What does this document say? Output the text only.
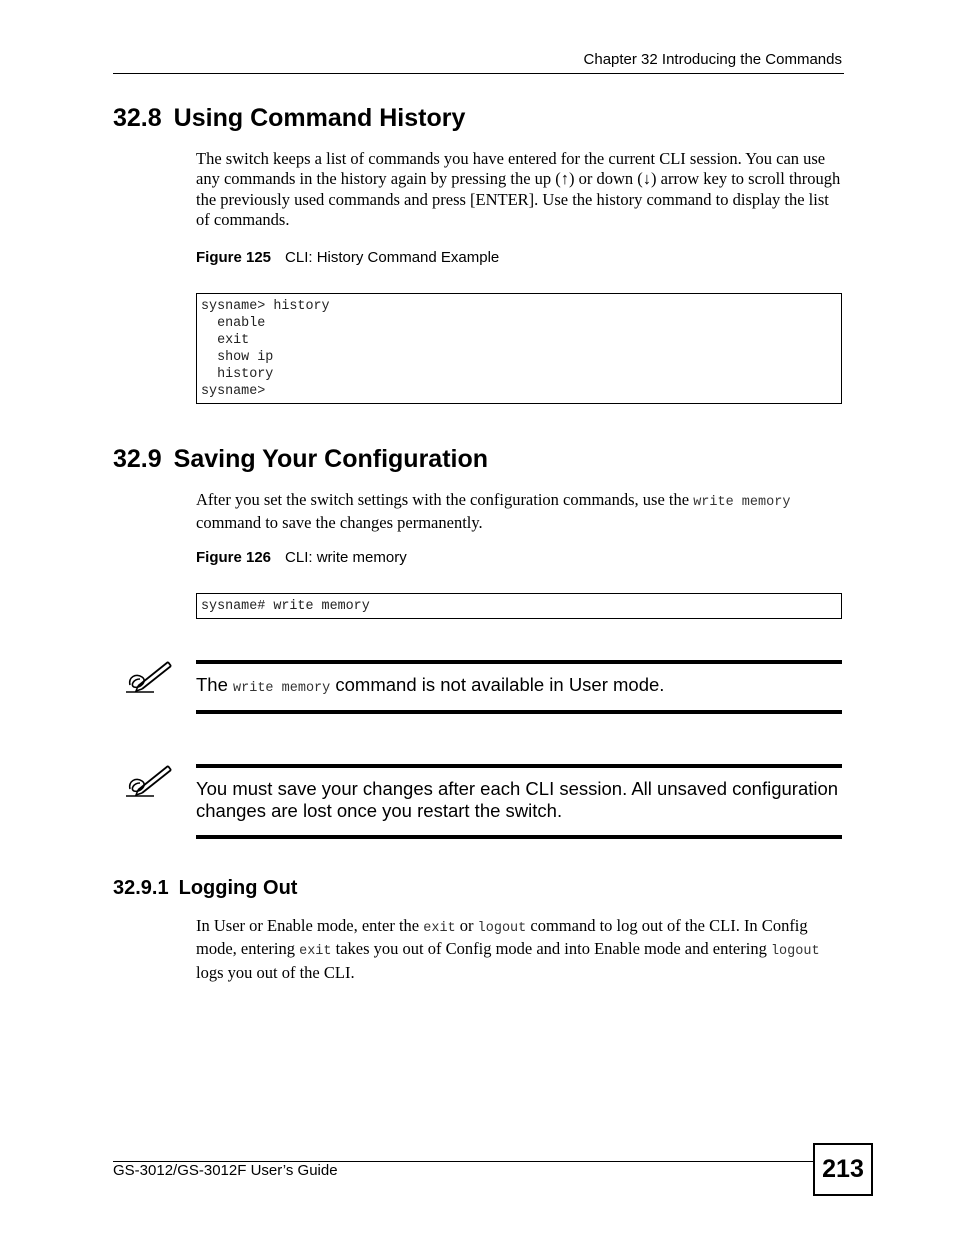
Chapter 32 Introducing the Commands
32.8 Using Command History

The switch keeps a list of commands you have entered for the current CLI session. You can use any commands in the history again by pressing the up (↑) or down (↓) arrow key to scroll through the previously used commands and press [ENTER]. Use the history command to display the list of commands.

Figure 125 CLI: History Command Example
sysname> history
enable
exit
show ip
history
sysname>
32.9 Saving Your Configuration

After you set the switch settings with the configuration commands, use the write memory command to save the changes permanently.

Figure 126 CLI: write memory
sysname# write memory
The write memory command is not available in User mode.
You must save your changes after each CLI session. All unsaved configuration changes are lost once you restart the switch.
32.9.1 Logging Out

In User or Enable mode, enter the exit or logout command to log out of the CLI. In Config mode, entering exit takes you out of Config mode and into Enable mode and entering logout logs you out of the CLI.

GS-3012/GS-3012F User’s Guide	213
